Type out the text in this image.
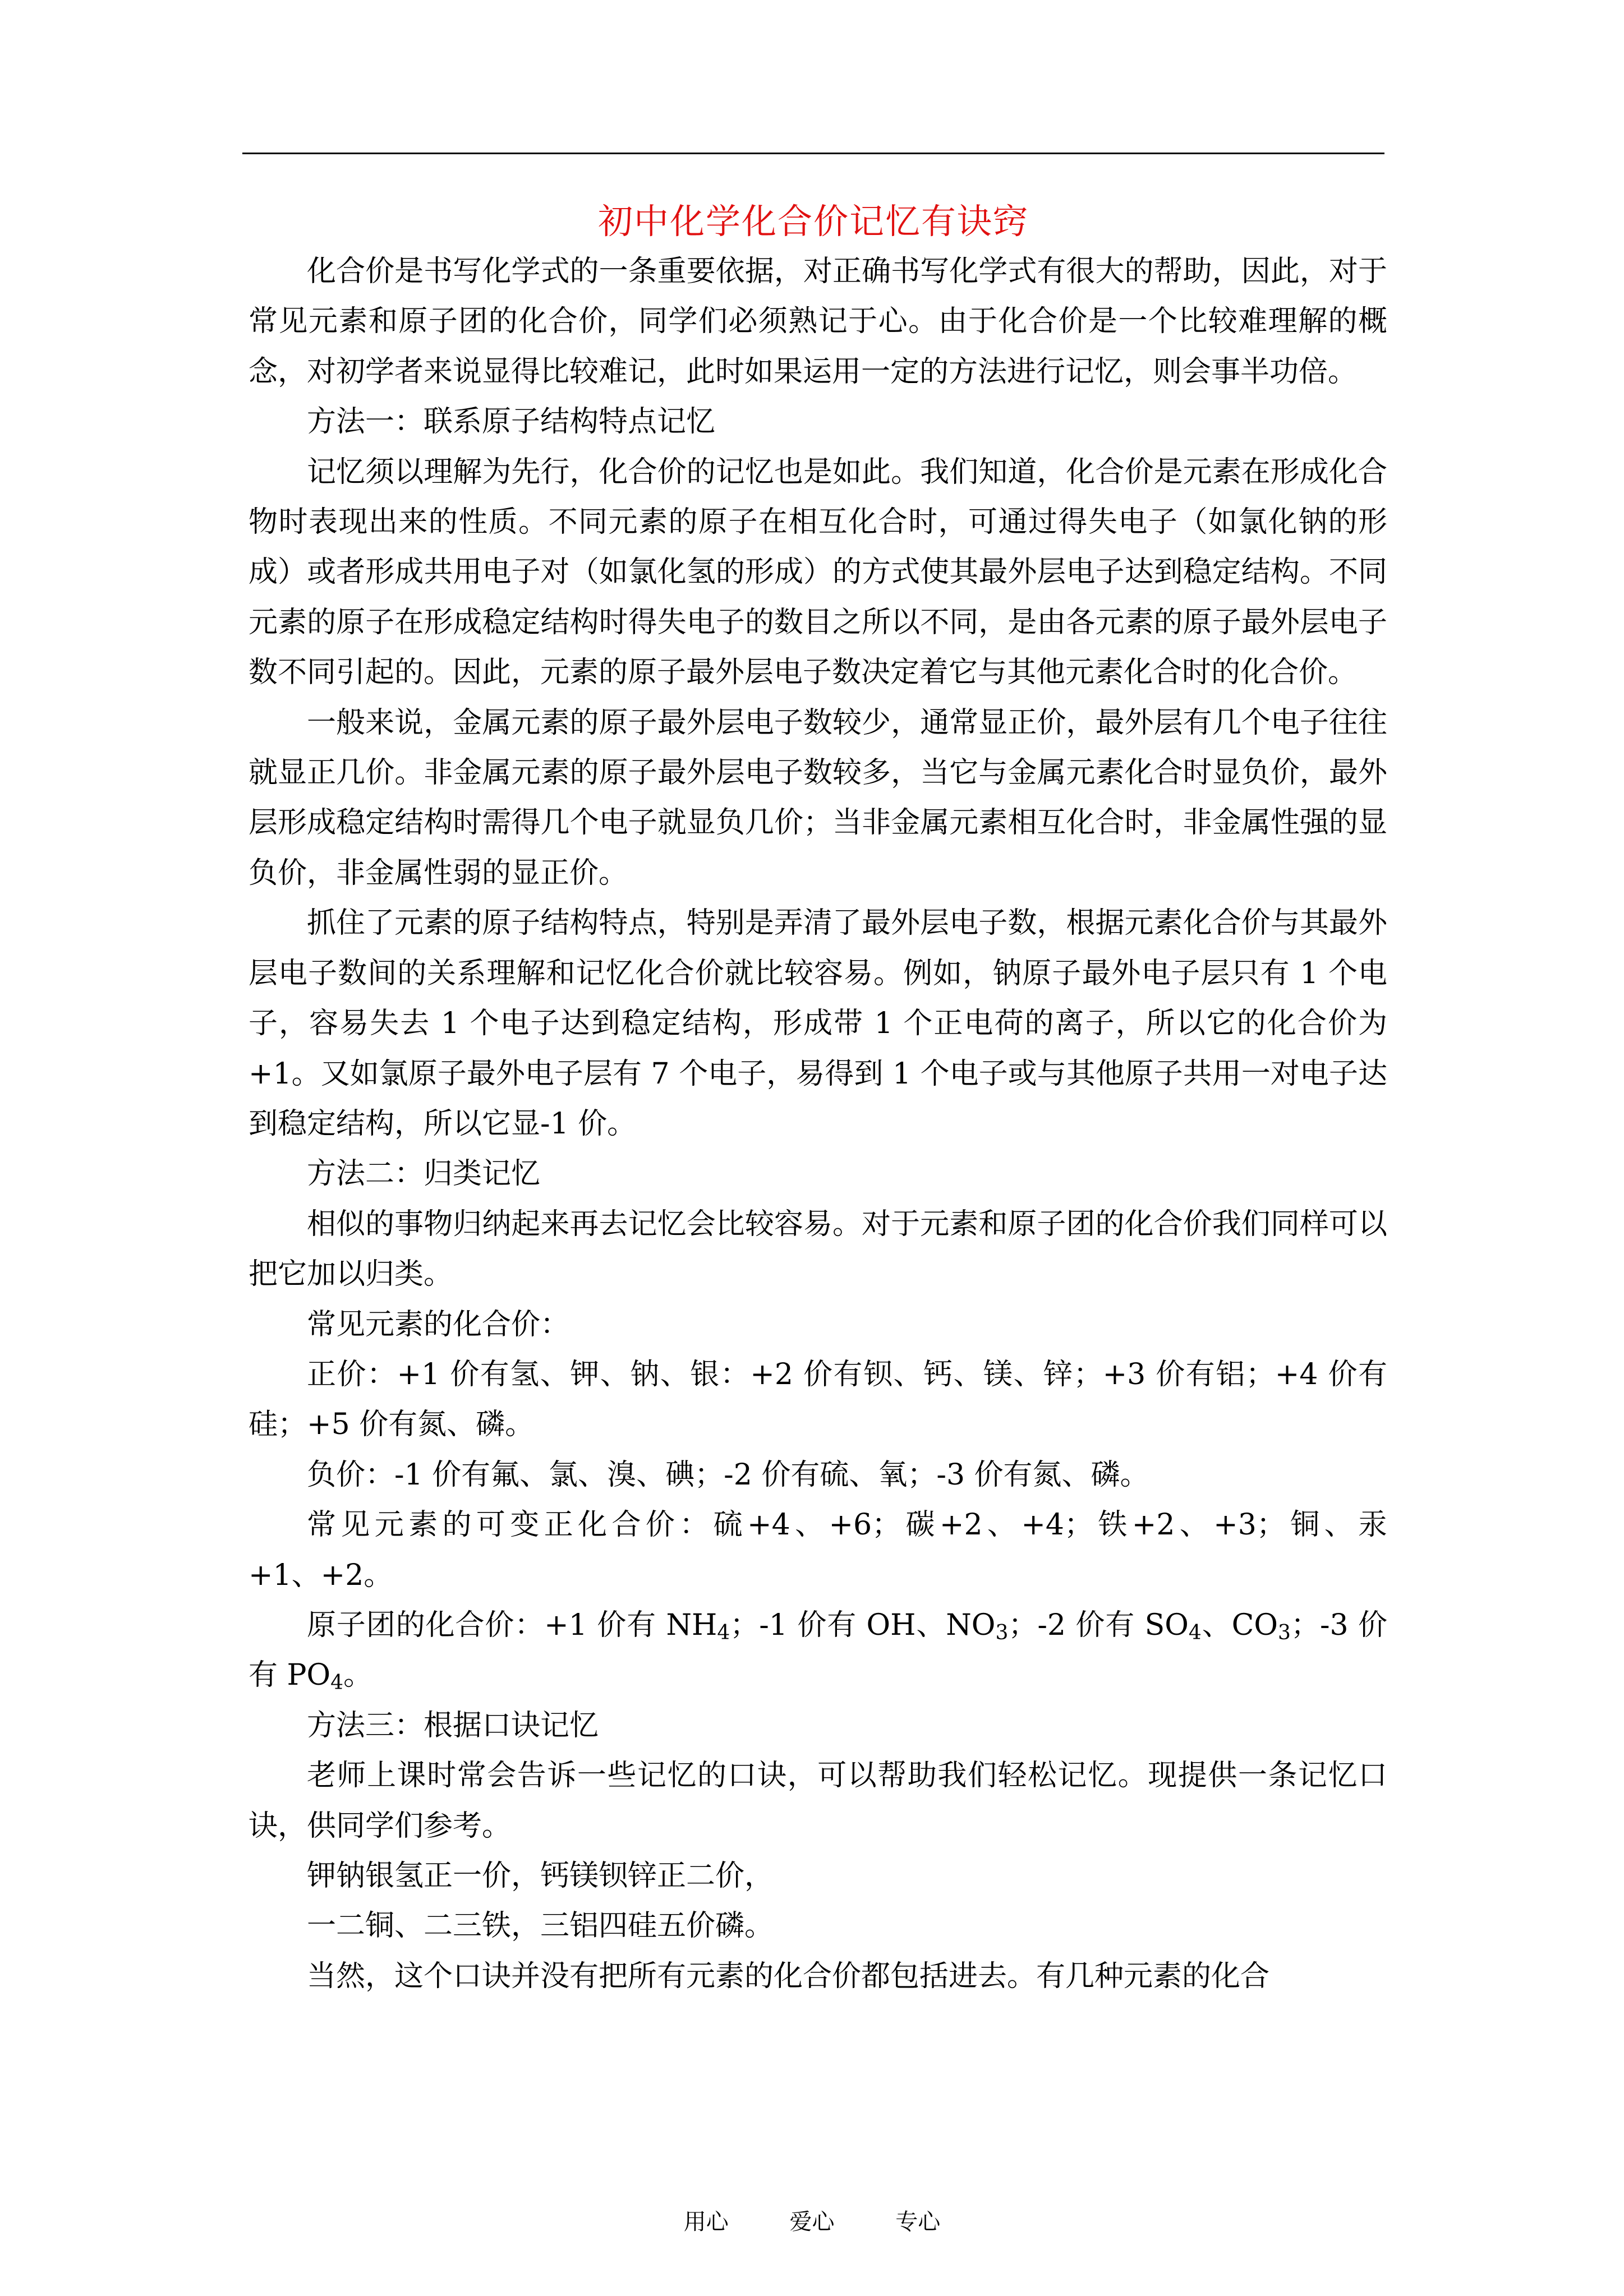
初中化学化合价记忆有诀窍

化合价是书写化学式的一条重要依据，对正确书写化学式有很大的帮助，因此，对于常见元素和原子团的化合价，同学们必须熟记于心。由于化合价是一个比较难理解的概念，对初学者来说显得比较难记，此时如果运用一定的方法进行记忆，则会事半功倍。

方法一：联系原子结构特点记忆

记忆须以理解为先行，化合价的记忆也是如此。我们知道，化合价是元素在形成化合物时表现出来的性质。不同元素的原子在相互化合时，可通过得失电子（如氯化钠的形成）或者形成共用电子对（如氯化氢的形成）的方式使其最外层电子达到稳定结构。不同元素的原子在形成稳定结构时得失电子的数目之所以不同，是由各元素的原子最外层电子数不同引起的。因此，元素的原子最外层电子数决定着它与其他元素化合时的化合价。

一般来说，金属元素的原子最外层电子数较少，通常显正价，最外层有几个电子往往就显正几价。非金属元素的原子最外层电子数较多，当它与金属元素化合时显负价，最外层形成稳定结构时需得几个电子就显负几价；当非金属元素相互化合时，非金属性强的显负价，非金属性弱的显正价。

抓住了元素的原子结构特点，特别是弄清了最外层电子数，根据元素化合价与其最外层电子数间的关系理解和记忆化合价就比较容易。例如，钠原子最外电子层只有 1 个电子，容易失去 1 个电子达到稳定结构，形成带 1 个正电荷的离子，所以它的化合价为+1。又如氯原子最外电子层有 7 个电子，易得到 1 个电子或与其他原子共用一对电子达到稳定结构，所以它显-1 价。

方法二：归类记忆

相似的事物归纳起来再去记忆会比较容易。对于元素和原子团的化合价我们同样可以把它加以归类。

常见元素的化合价：

正价：+1 价有氢、钾、钠、银：+2 价有钡、钙、镁、锌；+3 价有铝；+4 价有硅；+5 价有氮、磷。

负价：-1 价有氟、氯、溴、碘；-2 价有硫、氧；-3 价有氮、磷。

常见元素的可变正化合价：硫+4、+6；碳+2、+4；铁+2、+3；铜、汞+1、+2。

原子团的化合价：+1 价有 $NH_4$；-1 价有 OH、$NO_3$；-2 价有 $SO_4$、$CO_3$；-3 价有 $PO_4$。

方法三：根据口诀记忆

老师上课时常会告诉一些记忆的口诀，可以帮助我们轻松记忆。现提供一条记忆口诀，供同学们参考。

钾钠银氢正一价，钙镁钡锌正二价，

一二铜、二三铁，三铝四硅五价磷。

当然，这个口诀并没有把所有元素的化合价都包括进去。有几种元素的化合

用心	爱心	专心
